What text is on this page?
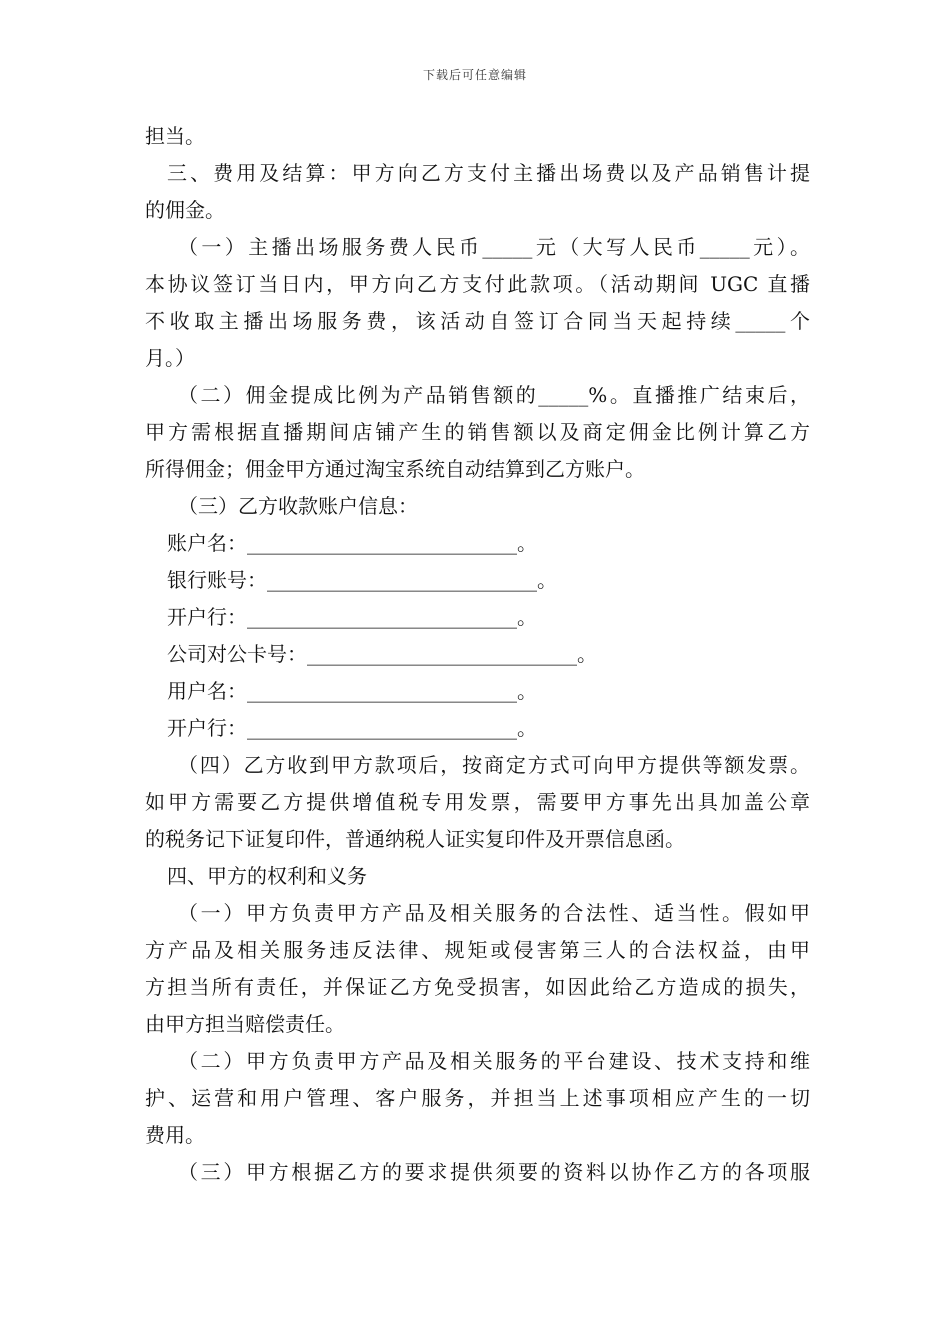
下载后可任意编辑

担当。

三、费用及结算：甲方向乙方支付主播出场费以及产品销售计提

的佣金。

（一）主播出场服务费人民币_____元（大写人民币_____元）。

本协议签订当日内，甲方向乙方支付此款项。（活动期间 UGC 直播

不收取主播出场服务费，该活动自签订合同当天起持续_____个

月。）

（二）佣金提成比例为产品销售额的_____%。直播推广结束后，

甲方需根据直播期间店铺产生的销售额以及商定佣金比例计算乙方

所得佣金；佣金甲方通过淘宝系统自动结算到乙方账户。

（三）乙方收款账户信息：

账户名：___________________________。

银行账号：___________________________。

开户行：___________________________。

公司对公卡号：___________________________。

用户名：___________________________。

开户行：___________________________。

（四）乙方收到甲方款项后，按商定方式可向甲方提供等额发票。

如甲方需要乙方提供增值税专用发票，需要甲方事先出具加盖公章

的税务记下证复印件，普通纳税人证实复印件及开票信息函。

四、甲方的权利和义务

（一）甲方负责甲方产品及相关服务的合法性、适当性。假如甲

方产品及相关服务违反法律、规矩或侵害第三人的合法权益，由甲

方担当所有责任，并保证乙方免受损害，如因此给乙方造成的损失，

由甲方担当赔偿责任。

（二）甲方负责甲方产品及相关服务的平台建设、技术支持和维

护、运营和用户管理、客户服务，并担当上述事项相应产生的一切

费用。

（三）甲方根据乙方的要求提供须要的资料以协作乙方的各项服
